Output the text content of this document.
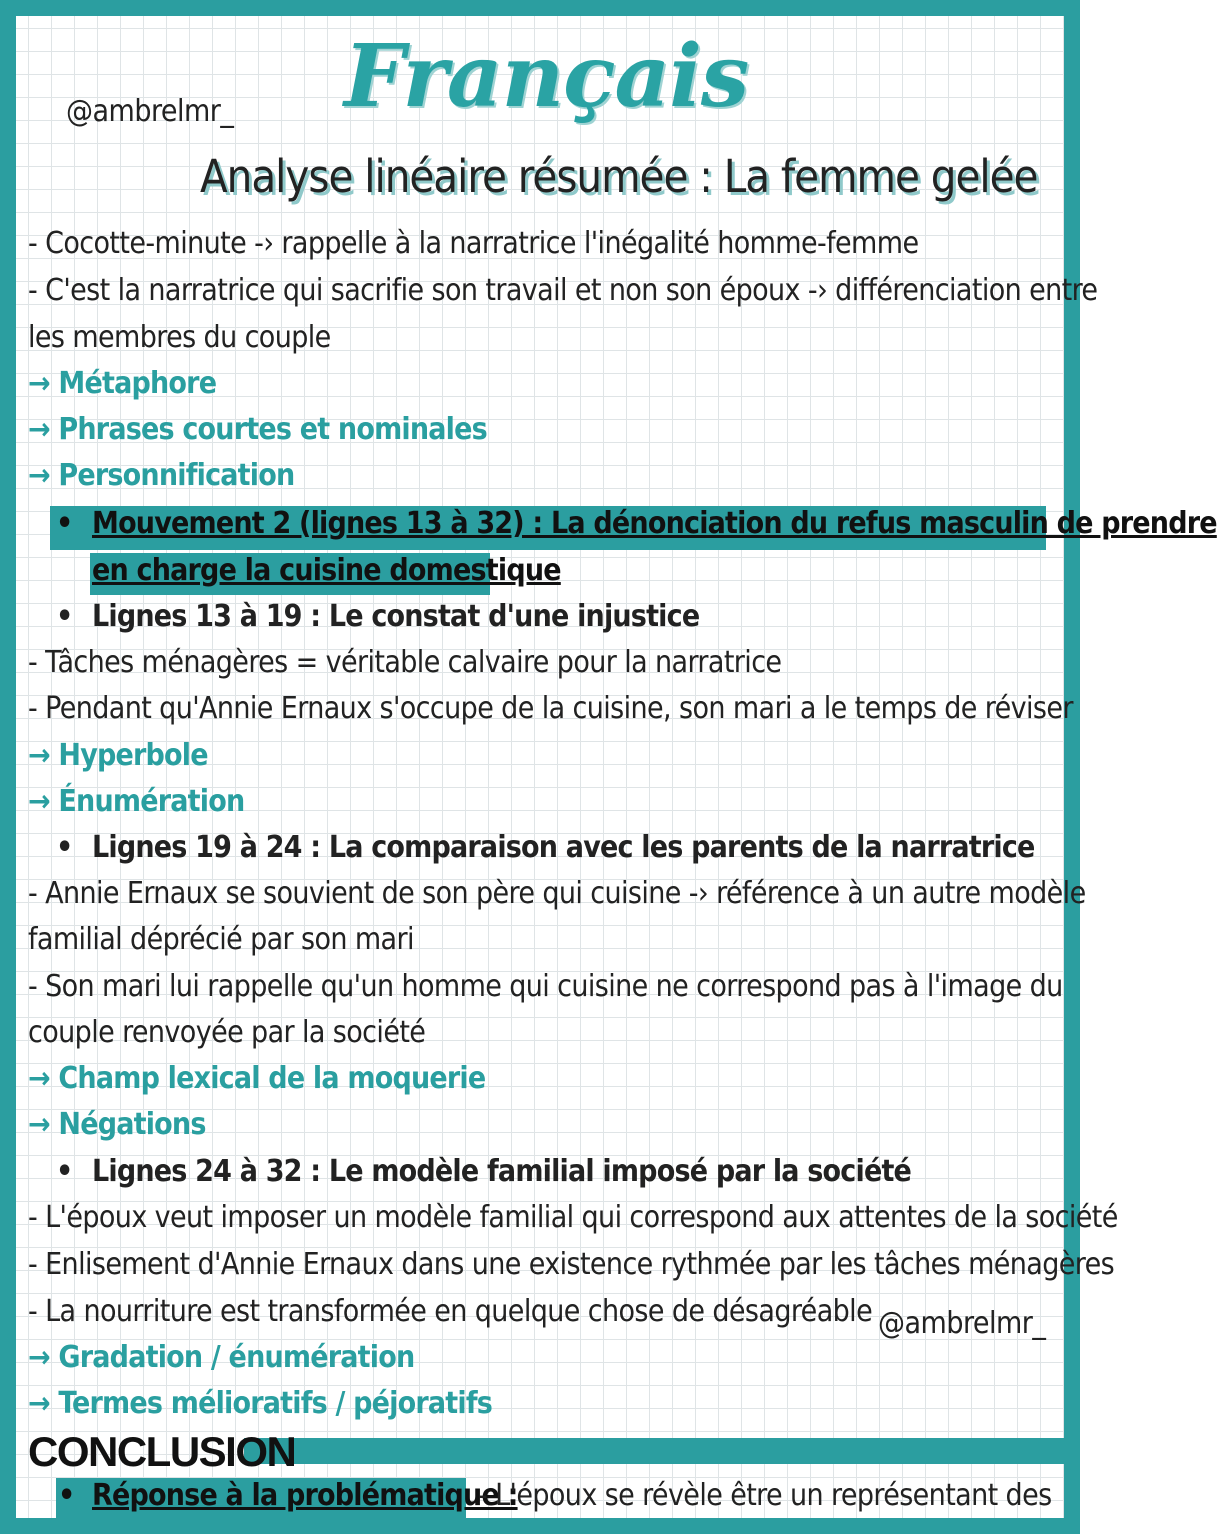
@ambrelmr_ Français
Analyse linéaire résumée : La femme gelée
- Cocotte-minute -› rappelle à la narratrice l'inégalité homme-femme
- C'est la narratrice qui sacrifie son travail et non son époux -› différenciation entre
les membres du couple
→ Métaphore
→ Phrases courtes et nominales
→ Personnification
• Mouvement 2 (lignes 13 à 32) : La dénonciation du refus masculin de prendre
en charge la cuisine domestique
• Lignes 13 à 19 : Le constat d'une injustice
- Tâches ménagères = véritable calvaire pour la narratrice
- Pendant qu'Annie Ernaux s'occupe de la cuisine, son mari a le temps de réviser
→ Hyperbole
→ Énumération
• Lignes 19 à 24 : La comparaison avec les parents de la narratrice
- Annie Ernaux se souvient de son père qui cuisine -› référence à un autre modèle
familial déprécié par son mari
- Son mari lui rappelle qu'un homme qui cuisine ne correspond pas à l'image du
couple renvoyée par la société
→ Champ lexical de la moquerie
→ Négations
• Lignes 24 à 32 : Le modèle familial imposé par la société
- L'époux veut imposer un modèle familial qui correspond aux attentes de la société
- Enlisement d'Annie Ernaux dans une existence rythmée par les tâches ménagères
- La nourriture est transformée en quelque chose de désagréable @ambrelmr_
→ Gradation / énumération
→ Termes mélioratifs / péjoratifs
CONCLUSION
• Réponse à la problématique :
- L'époux se révèle être un représentant des
